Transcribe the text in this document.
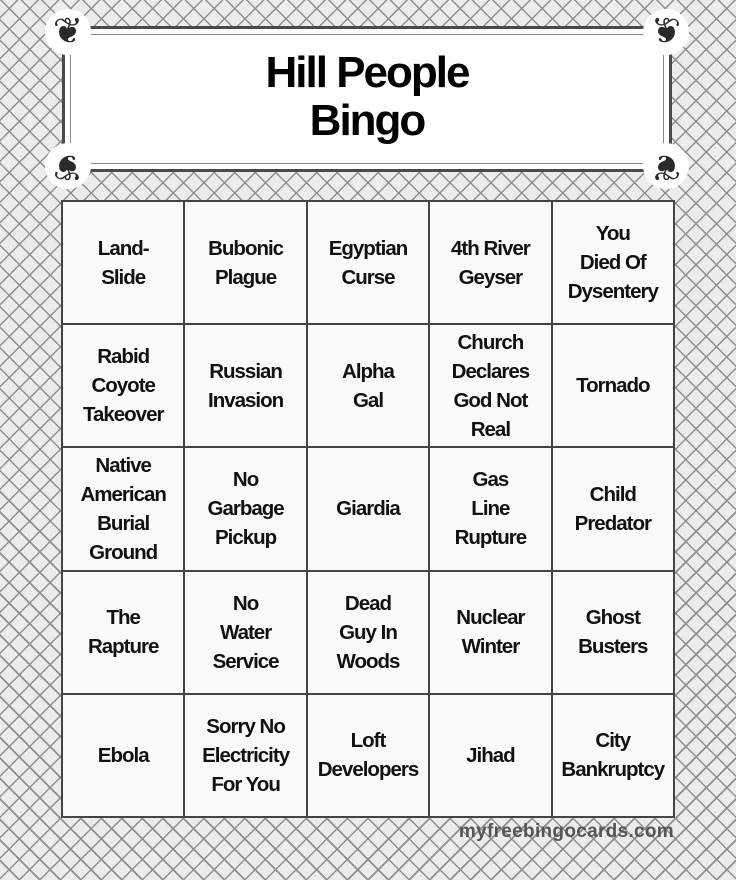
❦	❦
❦	❦
Hill People
Bingo
Land-
Slide
Bubonic
Plague
Egyptian
Curse
4th River
Geyser
You
Died Of
Dysentery
Rabid
Coyote
Takeover
Russian
Invasion
Alpha
Gal
Church
Declares
God Not
Real
Tornado
Native
American
Burial
Ground
No
Garbage
Pickup
Giardia
Gas
Line
Rupture
Child
Predator
The
Rapture
No
Water
Service
Dead
Guy In
Woods
Nuclear
Winter
Ghost
Busters
Ebola
Sorry No
Electricity
For You
Loft
Developers
Jihad
City
Bankruptcy
myfreebingocards.com
